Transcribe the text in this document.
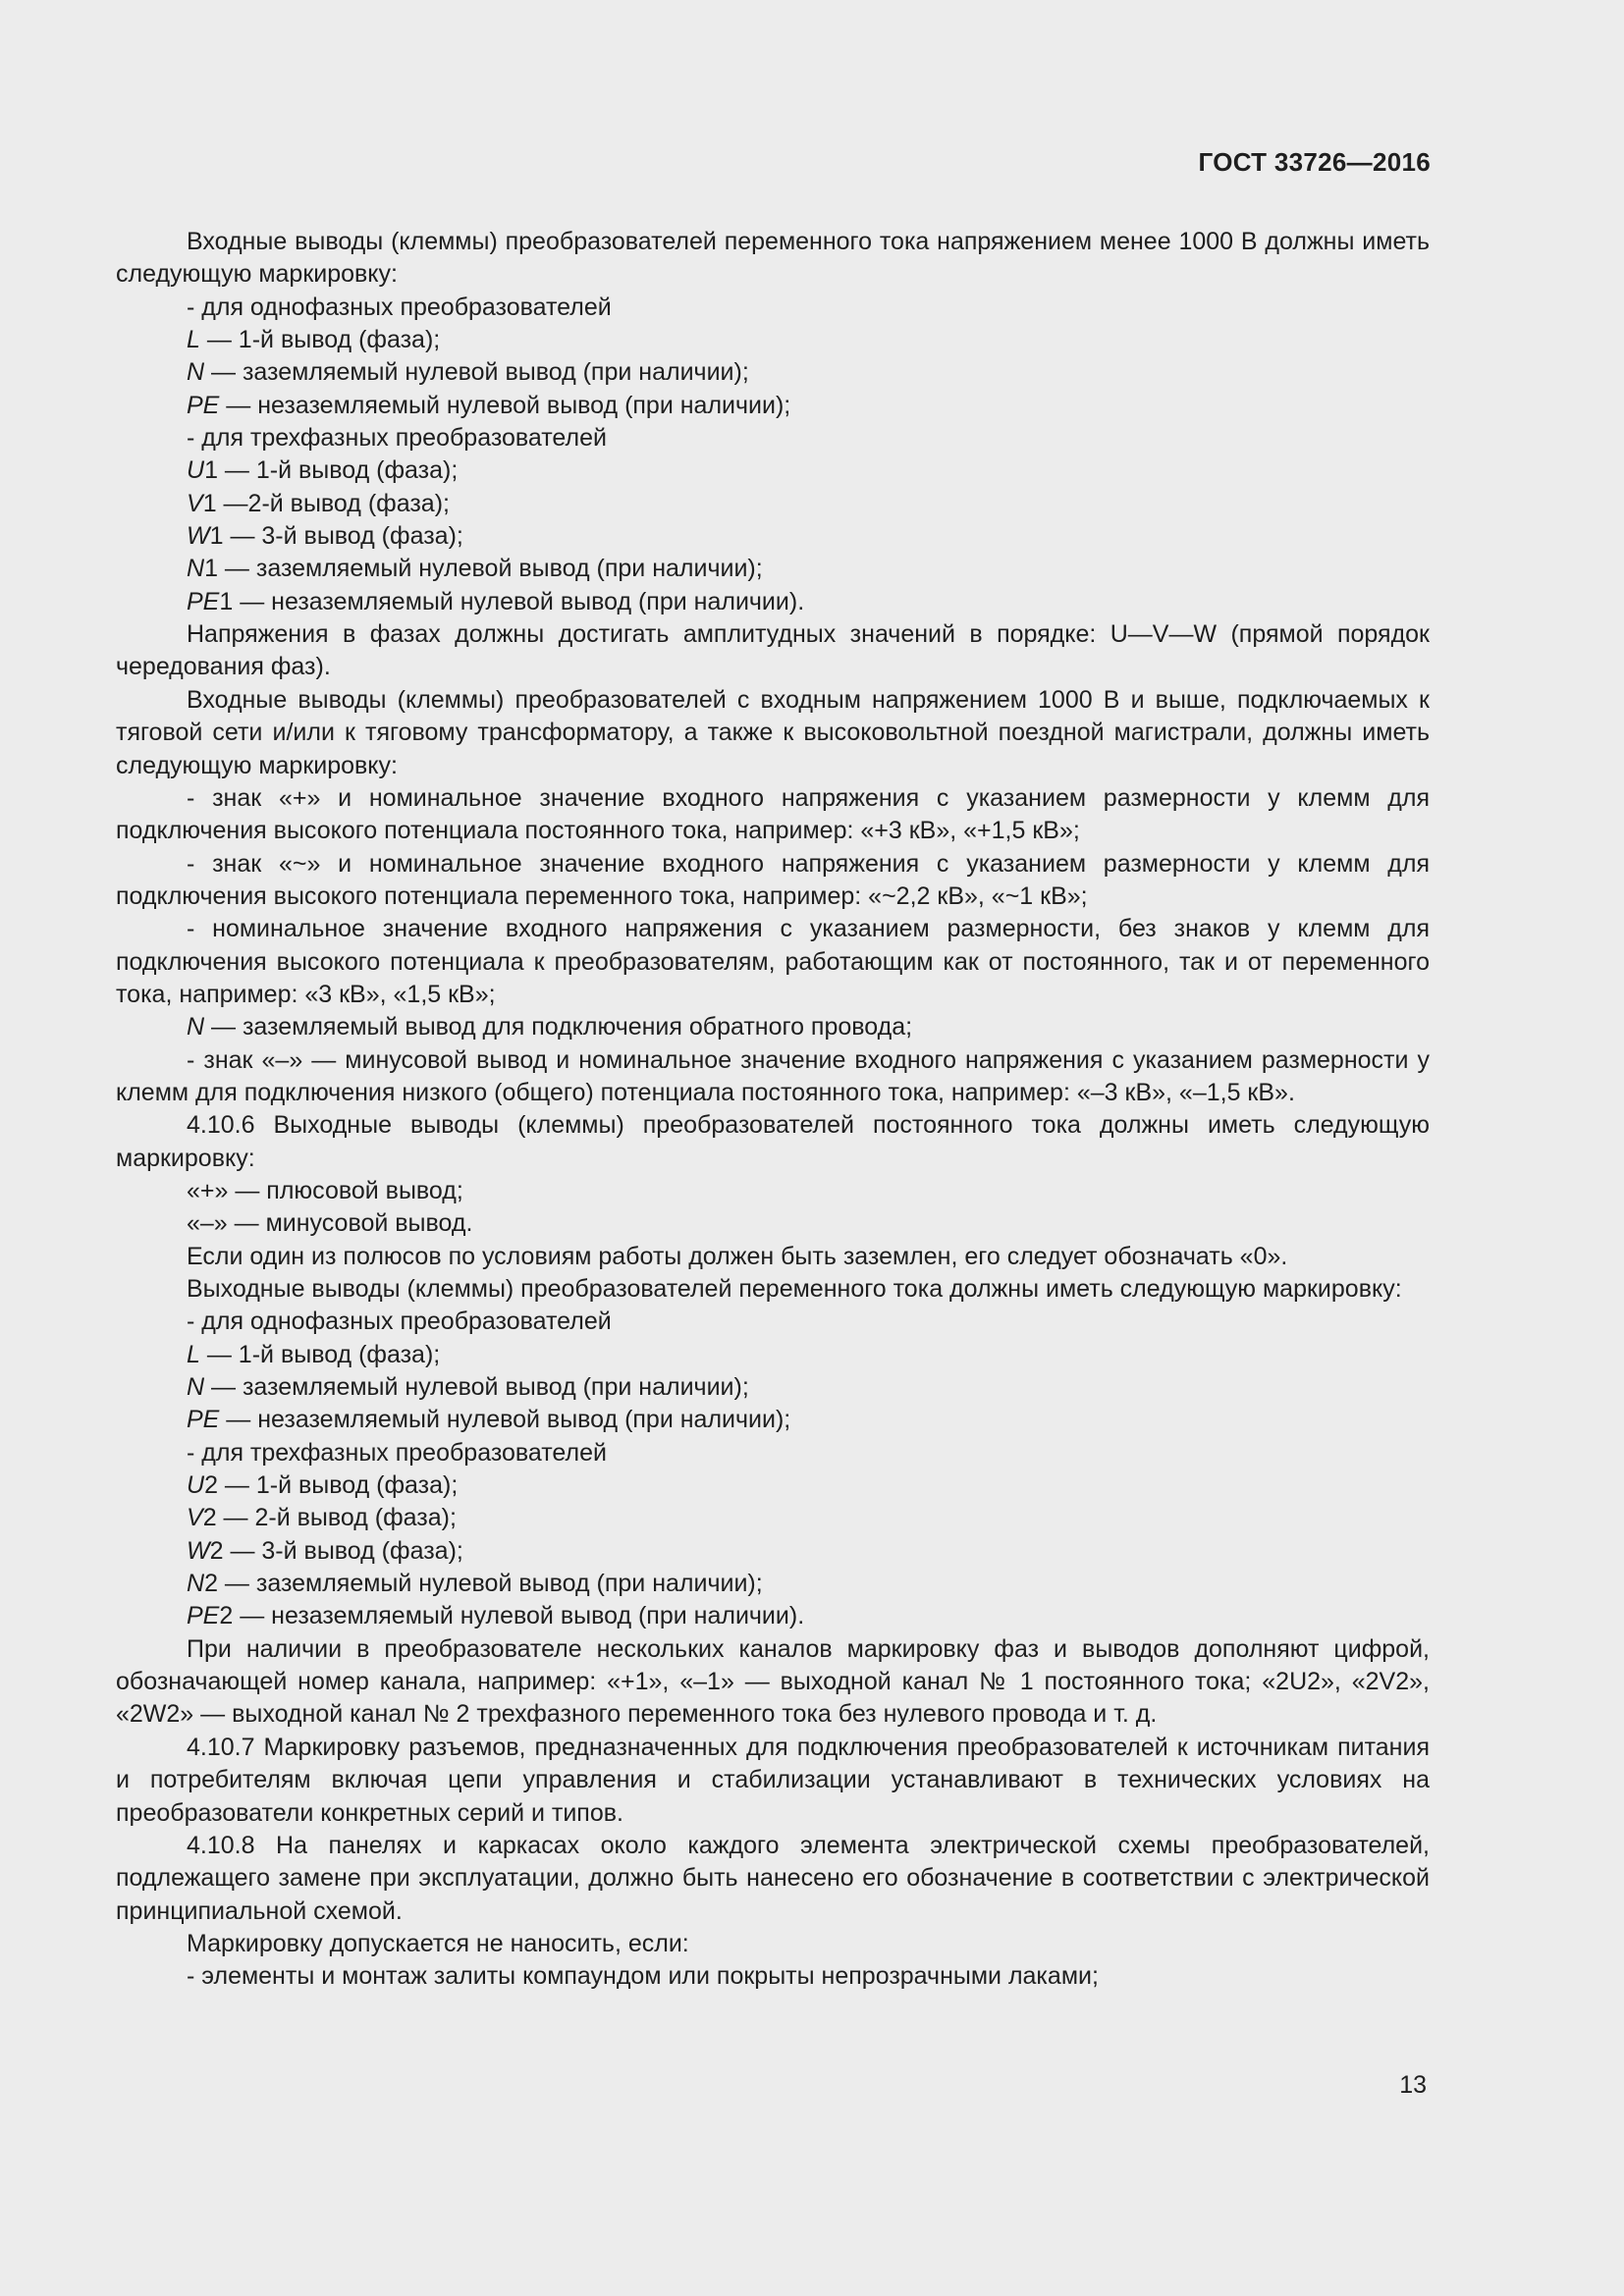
ГОСТ 33726—2016
Входные выводы (клеммы) преобразователей переменного тока напряжением менее 1000 В должны иметь следующую маркировку:
- для однофазных преобразователей
L — 1-й вывод (фаза);
N — заземляемый нулевой вывод (при наличии);
PE — незаземляемый нулевой вывод (при наличии);
- для трехфазных преобразователей
U1 — 1-й вывод (фаза);
V1 —2-й вывод (фаза);
W1 — 3-й вывод (фаза);
N1 — заземляемый нулевой вывод (при наличии);
PE1 — незаземляемый нулевой вывод (при наличии).
Напряжения в фазах должны достигать амплитудных значений в порядке: U—V—W (прямой порядок чередования фаз).
Входные выводы (клеммы) преобразователей с входным напряжением 1000 В и выше, подключаемых к тяговой сети и/или к тяговому трансформатору, а также к высоковольтной поездной магистрали, должны иметь следующую маркировку:
- знак «+» и номинальное значение входного напряжения с указанием размерности у клемм для подключения высокого потенциала постоянного тока, например: «+3 кВ», «+1,5 кВ»;
- знак «~» и номинальное значение входного напряжения с указанием размерности у клемм для подключения высокого потенциала переменного тока, например: «~2,2 кВ», «~1 кВ»;
- номинальное значение входного напряжения с указанием размерности, без знаков у клемм для подключения высокого потенциала к преобразователям, работающим как от постоянного, так и от переменного тока, например: «3 кВ», «1,5 кВ»;
N — заземляемый вывод для подключения обратного провода;
- знак «–» — минусовой вывод и номинальное значение входного напряжения с указанием размерности у клемм для подключения низкого (общего) потенциала постоянного тока, например: «–3 кВ», «–1,5 кВ».
4.10.6 Выходные выводы (клеммы) преобразователей постоянного тока должны иметь следующую маркировку:
«+» — плюсовой вывод;
«–» — минусовой вывод.
Если один из полюсов по условиям работы должен быть заземлен, его следует обозначать «0».
Выходные выводы (клеммы) преобразователей переменного тока должны иметь следующую маркировку:
- для однофазных преобразователей
L — 1-й вывод (фаза);
N — заземляемый нулевой вывод (при наличии);
PE — незаземляемый нулевой вывод (при наличии);
- для трехфазных преобразователей
U2 — 1-й вывод (фаза);
V2 — 2-й вывод (фаза);
W2 — 3-й вывод (фаза);
N2 — заземляемый нулевой вывод (при наличии);
PE2 — незаземляемый нулевой вывод (при наличии).
При наличии в преобразователе нескольких каналов маркировку фаз и выводов дополняют цифрой, обозначающей номер канала, например: «+1», «–1» — выходной канал № 1 постоянного тока; «2U2», «2V2», «2W2» — выходной канал № 2 трехфазного переменного тока без нулевого провода и т. д.
4.10.7 Маркировку разъемов, предназначенных для подключения преобразователей к источникам питания и потребителям включая цепи управления и стабилизации устанавливают в технических условиях на преобразователи конкретных серий и типов.
4.10.8 На панелях и каркасах около каждого элемента электрической схемы преобразователей, подлежащего замене при эксплуатации, должно быть нанесено его обозначение в соответствии с электрической принципиальной схемой.
Маркировку допускается не наносить, если:
- элементы и монтаж залиты компаундом или покрыты непрозрачными лаками;
13
